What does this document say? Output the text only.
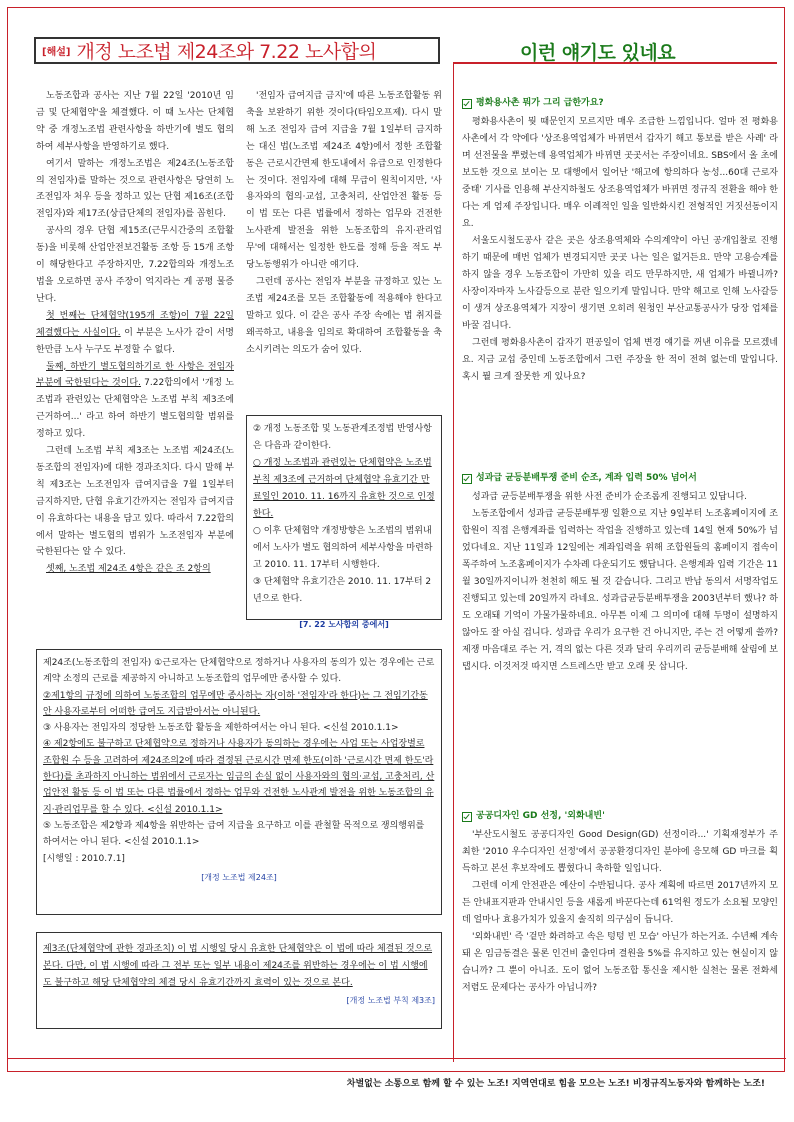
[해설] 개정 노조법 제24조와 7.22 노사합의	이런 얘기도 있네요

노동조합과 공사는 지난 7월 22일 '2010년 임금 및 단체협약'을 체결했다. 이 때 노사는 단체협약 중 개정노조법 관련사항을 하반기에 별도 협의하여 세부사항을 반영하기로 했다.

여기서 말하는 개정노조법은 제24조(노동조합의 전임자)를 말하는 것으로 관련사항은 당연히 노조전임자 처우 등을 정하고 있는 단협 제16조(조합 전임자)와 제17조(상급단체의 전임자)를 꼽힌다.

공사의 경우 단협 제15조(근무시간중의 조합활동)을 비롯해 산업안전보건활동 조항 등 15개 조항이 해당한다고 주장하지만, 7.22합의와 개정노조법을 오로하면 공사 주장이 억지라는 게 공평 물증 난다.

첫 번째는 단체협약(195개 조항)이 7월 22일 체결했다는 사실이다. 이 부분은 노사가 같이 서명한만큼 노사 누구도 부정할 수 없다.

둘째, 하반기 별도협의하기로 한 사항은 전임자 부분에 국한된다는 것이다. 7.22합의에서 '개정 노조법과 관련있는 단체협약은 노조법 부칙 제3조에 근거하여...' 라고 하여 하반기 별도협의할 범위를 정하고 있다.

그런데 노조법 부칙 제3조는 노조법 제24조(노동조합의 전임자)에 대한 경과조치다. 다시 말해 부칙 제3조는 노조전임자 급여지급을 7월 1일부터 금지하지만, 단협 유효기간까지는 전임자 급여지급이 유효하다는 내용을 담고 있다. 따라서 7.22합의에서 말하는 별도협의 범위가 노조전임자 부분에 국한된다는 알 수 있다.

셋째, 노조법 제24조 4항은 같은 조 2항의

'전임자 급여지급 금지'에 따른 노동조합활동 위축을 보완하기 위한 것이다(타임오프제). 다시 말해 노조 전임자 급여 지급을 7월 1일부터 금지하는 대신 법(노조법 제24조 4항)에서 정한 조합활동은 근로시간면제 한도내에서 유급으로 인정한다는 것이다. 전임자에 대해 무급이 원칙이지만, '사용자와의 협의·교섭, 고충처리, 산업안전 활동 등 이 법 또는 다른 법률에서 정하는 업무와 건전한 노사관계 발전을 위한 노동조합의 유지·관리업무'에 대해서는 일정한 한도를 정해 등을 적도 부당노동행위가 아니란 얘기다.

그런데 공사는 전임자 부분을 규정하고 있는 노조법 제24조를 모든 조합활동에 적용해야 한다고 말하고 있다. 이 같은 공사 주장 속에는 법 취지를 왜곡하고, 내용을 임의로 확대하여 조합활동을 축소시키려는 의도가 숨어 있다.

② 개정 노동조합 및 노동관계조정법 반영사항은 다음과 같이한다.

○ 개정 노조법과 관련있는 단체협약은 노조법 부칙 제3조에 근거하여 단체협약 유효기간 만료일인 2010. 11. 16까지 유효한 것으로 인정한다.

○ 이후 단체협약 개정방향은 노조법의 범위내에서 노사가 별도 협의하여 세부사항을 마련하고 2010. 11. 17부터 시행한다.

③ 단체협약 유효기간은 2010. 11. 17부터 2년으로 한다.

[7. 22 노사합의 중에서]

제24조(노동조합의 전임자) ①근로자는 단체협약으로 정하거나 사용자의 동의가 있는 경우에는 근로계약 소정의 근로를 제공하지 아니하고 노동조합의 업무에만 종사할 수 있다.

②제1항의 규정에 의하여 노동조합의 업무에만 종사하는 자(이하 '전임자'라 한다)는 그 전임기간동안 사용자로부터 어떠한 급여도 지급받아서는 아니된다.

③ 사용자는 전임자의 정당한 노동조합 활동을 제한하여서는 아니 된다. <신설 2010.1.1>

④ 제2항에도 불구하고 단체협약으로 정하거나 사용자가 동의하는 경우에는 사업 또는 사업장별로 조합원 수 등을 고려하여 제24조의2에 따라 결정된 근로시간 면제 한도(이하 '근로시간 면제 한도'라 한다)를 초과하지 아니하는 범위에서 근로자는 임금의 손실 없이 사용자와의 협의·교섭, 고충처리, 산업안전 활동 등 이 법 또는 다른 법률에서 정하는 업무와 건전한 노사관계 발전을 위한 노동조합의 유지·관리업무를 할 수 있다. <신설 2010.1.1>

⑤ 노동조합은 제2항과 제4항을 위반하는 급여 지급을 요구하고 이를 관철할 목적으로 쟁의행위를 하여서는 아니 된다. <신설 2010.1.1>

[시행일 : 2010.7.1]

[개정 노조법 제24조]

제3조(단체협약에 관한 경과조치) 이 법 시행일 당시 유효한 단체협약은 이 법에 따라 체결된 것으로 본다. 다만, 이 법 시행에 따라 그 전부 또는 일부 내용이 제24조를 위반하는 경우에는 이 법 시행에도 불구하고 해당 단체협약의 체결 당시 유효기간까지 효력이 있는 것으로 본다.

[개정 노조법 부칙 제3조]
평화용사촌 뭐가 그리 급한가요?

평화용사촌이 뭣 때문인지 모르지만 매우 조급한 느낌입니다. 얼마 전 평화용사촌에서 각 약에다 '상조용역업체가 바뀌면서 갑자기 해고 통보를 받은 사례' 라며 선전물을 뿌렸는데 용역업체가 바뀌면 곳곳서는 주장이네요. SBS에서 올 초에 보도한 것으로 보이는 모 대행에서 일어난 '해고에 항의하다 농성...60대 근로자 중태' 기사를 인용해 부산지하철도 상조용역업체가 바뀌면 정규직 전환을 해야 한다는 게 엄제 주장입니다. 매우 이례적인 일을 일반화시킨 전형적인 거짓선동이지요.

서울도시철도공사 같은 곳은 상조용역체와 수의계약이 아닌 공개입찰로 진행하기 때문에 매번 업체가 변경되지만 곳곳 나는 일은 없거든요. 만약 고용승계를 하지 않을 경우 노동조합이 가만히 있을 리도 만무하지만, 새 업체가 바뀔니까? 사장이자마자 노사갈등으로 분란 일으키게 말입니다. 만약 해고로 인해 노사갈등이 생겨 상조용역체가 지장이 생기면 오히려 원청인 부산교통공사가 당장 업체를 바꿀 겁니다.

그런데 평화용사촌이 갑자기 편공일이 업체 변경 얘기를 꺼낸 이유를 모르겠네요. 지금 교섭 중인데 노동조합에서 그런 주장을 한 적이 전혀 없는데 말입니다. 혹시 뭘 크게 잘못한 게 있나요?

성과급 균등분배투쟁 준비 순조, 계좌 입력 50% 넘어서

성과급 균등분배투쟁을 위한 사전 준비가 순조롭게 진행되고 있답니다.

노동조합에서 성과급 균등분배투쟁 일환으로 지난 9일부터 노조홈페이지에 조합원이 직접 은행계좌를 입력하는 작업을 진행하고 있는데 14일 현재 50%가 넘었다네요. 지난 11일과 12일에는 계좌입력을 위해 조합원들의 홈페이지 접속이 폭주하여 노조홈페이지가 수차례 다운되기도 했답니다. 은행계좌 입력 기간은 11월 30일까지이니까 천천히 해도 될 것 같습니다. 그리고 반납 동의서 서명작업도 진행되고 있는데 20일까지 라네요. 성과급균등분배투쟁을 2003년부터 했나? 하도 오래돼 기억이 가물가물하네요. 아무튼 이제 그 의미에 대해 두명이 설명하지 않아도 잘 아실 겁니다. 성과급 우리가 요구한 건 아니지만, 주는 건 어떻게 쓸까? 제쟁 마음대로 주는 거, 격의 없는 다른 것과 달리 우리끼리 균등분배해 살림에 보탭시다. 이것저것 따지면 스트레스만 받고 오래 못 삽니다.

공공디자인 GD 선정, '외화내빈'

'부산도시철도 공공디자인 Good Design(GD) 선정이라...' 기획재정부가 주최한 '2010 우수디자인 선정'에서 공공환경디자인 분야에 응모해 GD 마크를 획득하고 본선 후보작에도 뽑혔다니 축하할 일입니다.

그런데 이게 안전관은 예산이 수반됩니다. 공사 계획에 따르면 2017년까지 모든 안내표지판과 안내시인 등을 새롭게 바꾼다는데 61억원 정도가 소요될 모양인데 얼마나 효용가치가 있을지 솔직히 의구심이 듭니다.

'외화내빈' 즉 '겉만 화려하고 속은 텅텅 빈 모습' 아닌가 하는거죠. 수년째 계속돼 온 임금동결은 물론 인건비 출인다며 결원을 5%를 유지하고 있는 현실이지 않습니까? 그 뿐이 아니죠. 도이 없어 노동조합 통신을 제시한 실천는 물론 전화세 저렴도 문제다는 공사가 아닙니까?

차별없는 소통으로 함께 할 수 있는 노조! 지역연대로 힘을 모으는 노조! 비정규직노동자와 함께하는 노조!
